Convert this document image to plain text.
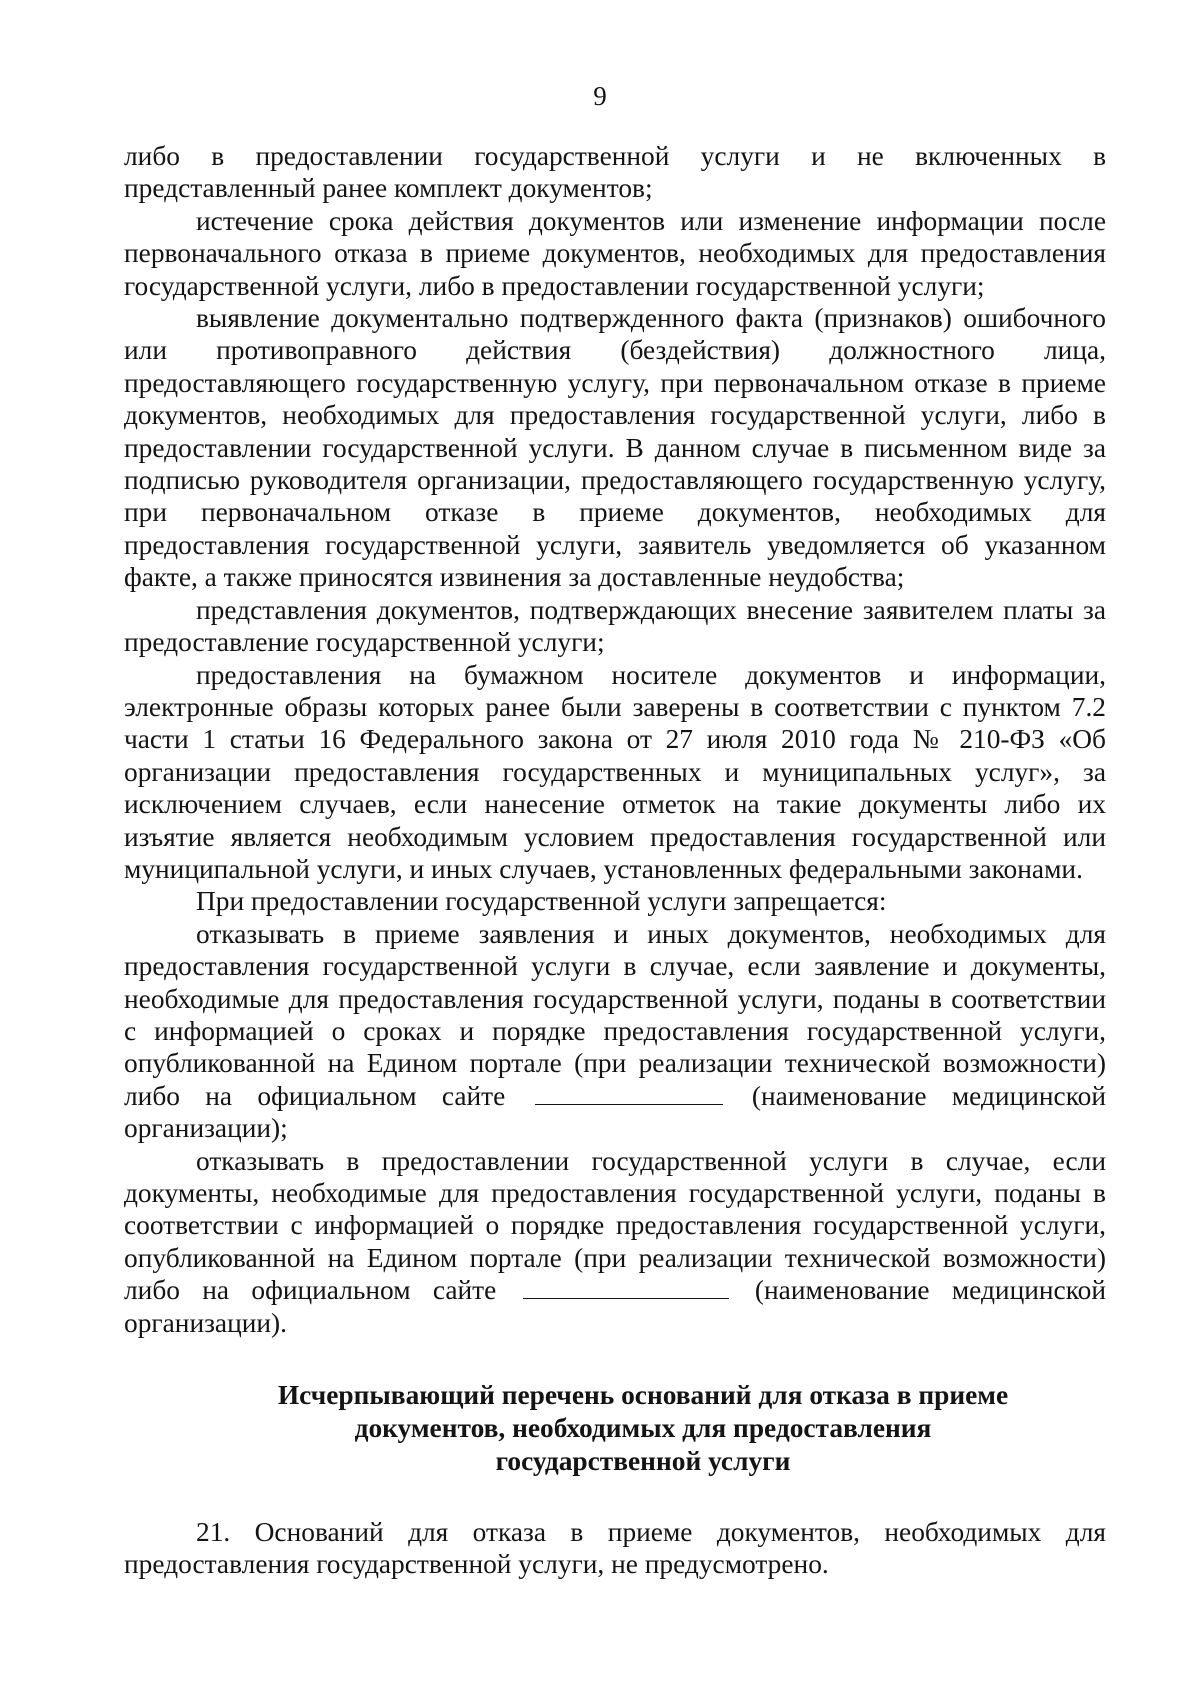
9

либо в предоставлении государственной услуги и не включенных в представленный ранее комплект документов;

истечение срока действия документов или изменение информации после первоначального отказа в приеме документов, необходимых для предоставления государственной услуги, либо в предоставлении государственной услуги;

выявление документально подтвержденного факта (признаков) ошибочного или противоправного действия (бездействия) должностного лица, предоставляющего государственную услугу, при первоначальном отказе в приеме документов, необходимых для предоставления государственной услуги, либо в предоставлении государственной услуги. В данном случае в письменном виде за подписью руководителя организации, предоставляющего государственную услугу, при первоначальном отказе в приеме документов, необходимых для предоставления государственной услуги, заявитель уведомляется об указанном факте, а также приносятся извинения за доставленные неудобства;

представления документов, подтверждающих внесение заявителем платы за предоставление государственной услуги;

предоставления на бумажном носителе документов и информации, электронные образы которых ранее были заверены в соответствии с пунктом 7.2 части 1 статьи 16 Федерального закона от 27 июля 2010 года № 210-ФЗ «Об организации предоставления государственных и муниципальных услуг», за исключением случаев, если нанесение отметок на такие документы либо их изъятие является необходимым условием предоставления государственной или муниципальной услуги, и иных случаев, установленных федеральными законами.

При предоставлении государственной услуги запрещается:

отказывать в приеме заявления и иных документов, необходимых для предоставления государственной услуги в случае, если заявление и документы, необходимые для предоставления государственной услуги, поданы в соответствии с информацией о сроках и порядке предоставления государственной услуги, опубликованной на Едином портале (при реализации технической возможности) либо на официальном сайте	(наименование медицинской организации);

отказывать в предоставлении государственной услуги в случае, если документы, необходимые для предоставления государственной услуги, поданы в соответствии с информацией о порядке предоставления государственной услуги, опубликованной на Едином портале (при реализации технической возможности) либо на официальном сайте	(наименование медицинской организации).

Исчерпывающий перечень оснований для отказа в приеме
документов, необходимых для предоставления
государственной услуги

21. Оснований для отказа в приеме документов, необходимых для предоставления государственной услуги, не предусмотрено.
